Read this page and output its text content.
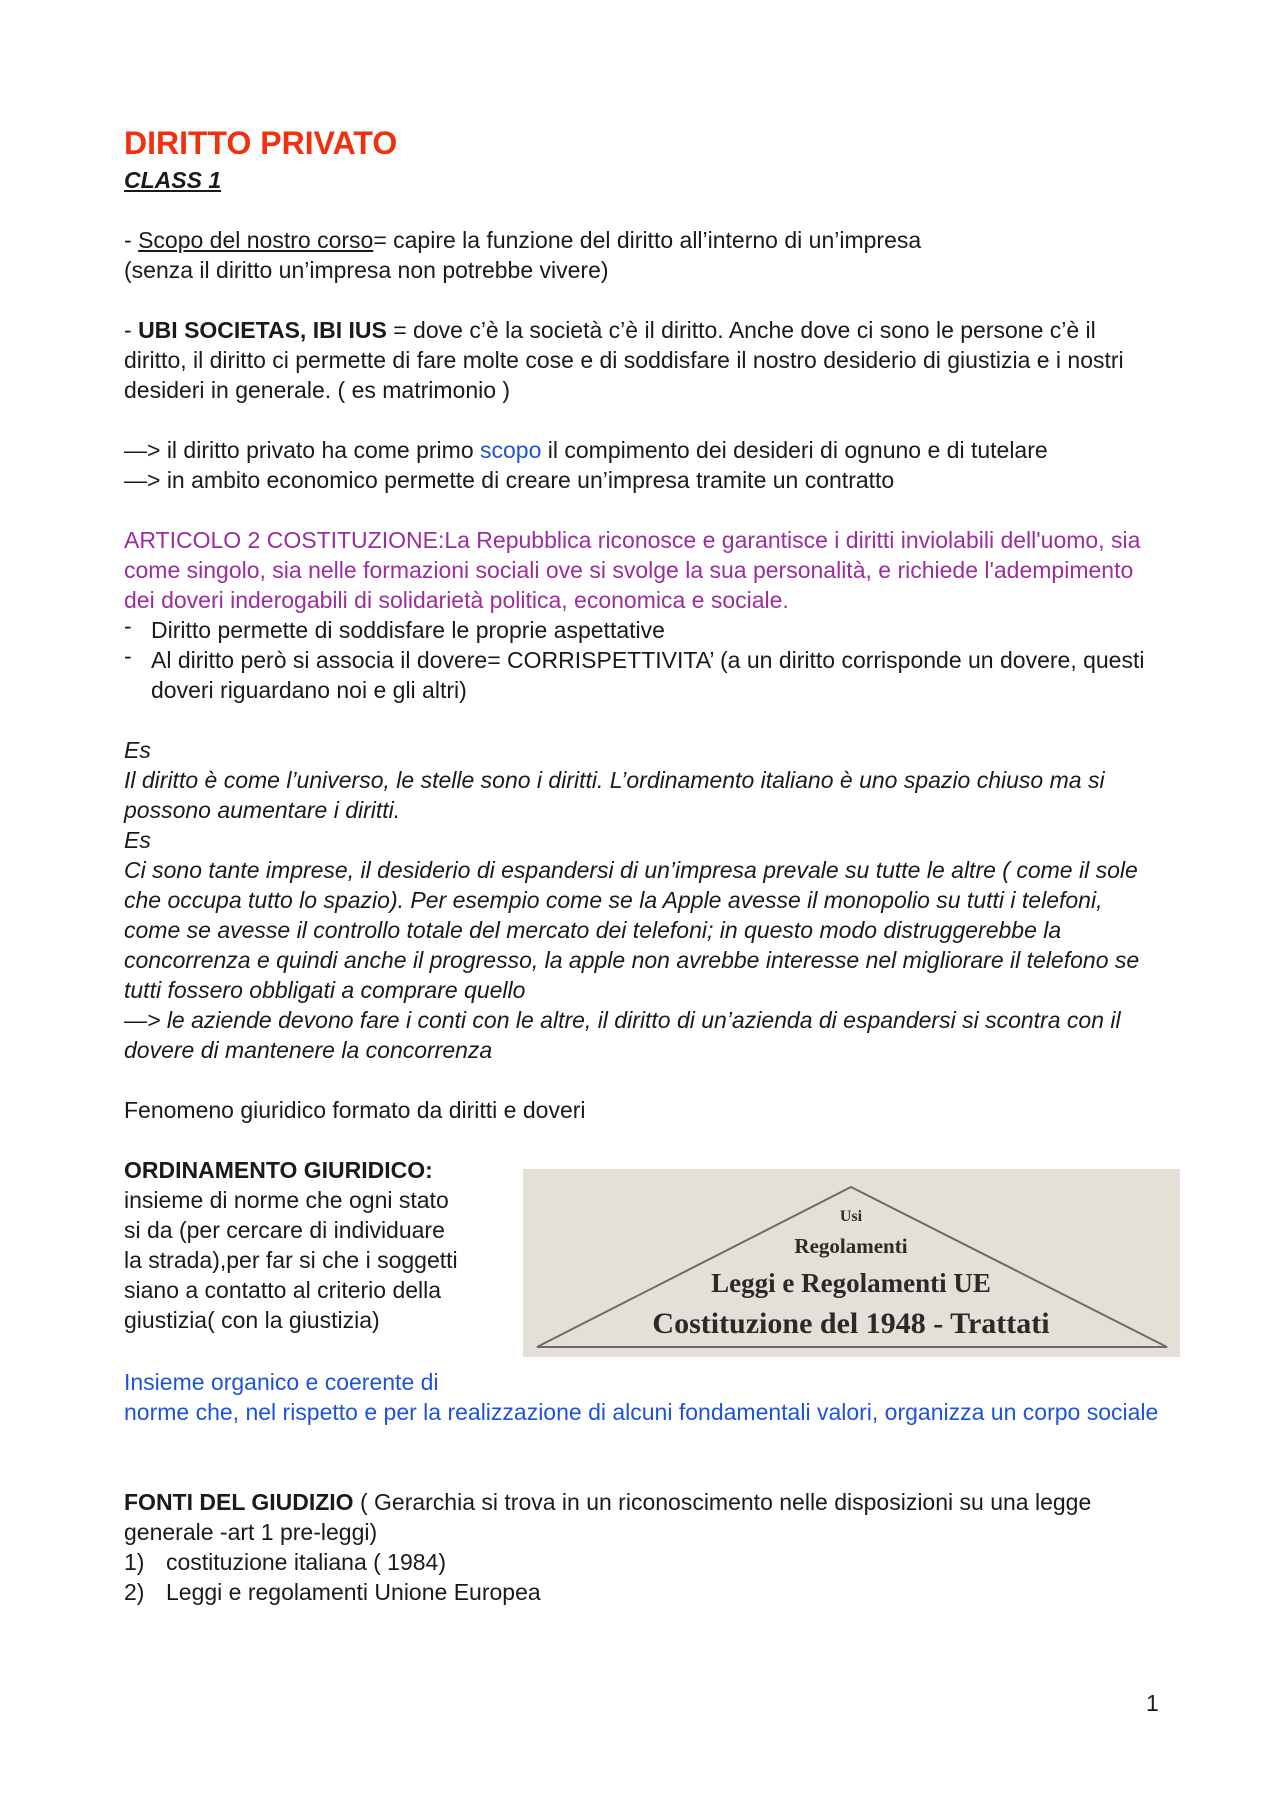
DIRITTO PRIVATO
CLASS 1

- Scopo del nostro corso= capire la funzione del diritto all’interno di un’impresa

(senza il diritto un’impresa non potrebbe vivere)

- UBI SOCIETAS, IBI IUS = dove c’è la società c’è il diritto. Anche dove ci sono le persone c’è il diritto, il diritto ci permette di fare molte cose e di soddisfare il nostro desiderio di giustizia e i nostri desideri in generale. ( es matrimonio )

—> il diritto privato ha come primo scopo il compimento dei desideri di ognuno e di tutelare

—> in ambito economico permette di creare un’impresa tramite un contratto

ARTICOLO 2 COSTITUZIONE:La Repubblica riconosce e garantisce i diritti inviolabili dell'uomo, sia come singolo, sia nelle formazioni sociali ove si svolge la sua personalità, e richiede l'adempimento dei doveri inderogabili di solidarietà politica, economica e sociale.

- Diritto permette di soddisfare le proprie aspettative
- Al diritto però si associa il dovere= CORRISPETTIVITA’ (a un diritto corrisponde un dovere, questi doveri riguardano noi e gli altri)

Es

Il diritto è come l’universo, le stelle sono i diritti. L’ordinamento italiano è uno spazio chiuso ma si possono aumentare i diritti.

Es

Ci sono tante imprese, il desiderio di espandersi di un’impresa prevale su tutte le altre ( come il sole che occupa tutto lo spazio). Per esempio come se la Apple avesse il monopolio su tutti i telefoni, come se avesse il controllo totale del mercato dei telefoni; in questo modo distruggerebbe la concorrenza e quindi anche il progresso, la apple non avrebbe interesse nel migliorare il telefono se tutti fossero obbligati a comprare quello

—> le aziende devono fare i conti con le altre, il diritto di un’azienda di espandersi si scontra con il dovere di mantenere la concorrenza

Fenomeno giuridico formato da diritti e doveri

ORDINAMENTO GIURIDICO:

insieme di norme che ogni stato si da (per cercare di individuare la strada),per far si che i soggetti siano a contatto al criterio della giustizia( con la giustizia)

Insieme organico e coerente di

norme che, nel rispetto e per la realizzazione di alcuni fondamentali valori, organizza un corpo sociale

Usi
Regolamenti
Leggi e Regolamenti UE
Costituzione del 1948 - Trattati

FONTI DEL GIUDIZIO ( Gerarchia si trova in un riconoscimento nelle disposizioni su una legge generale -art 1 pre-leggi)

1) costituzione italiana ( 1984)
2) Leggi e regolamenti Unione Europea
1
